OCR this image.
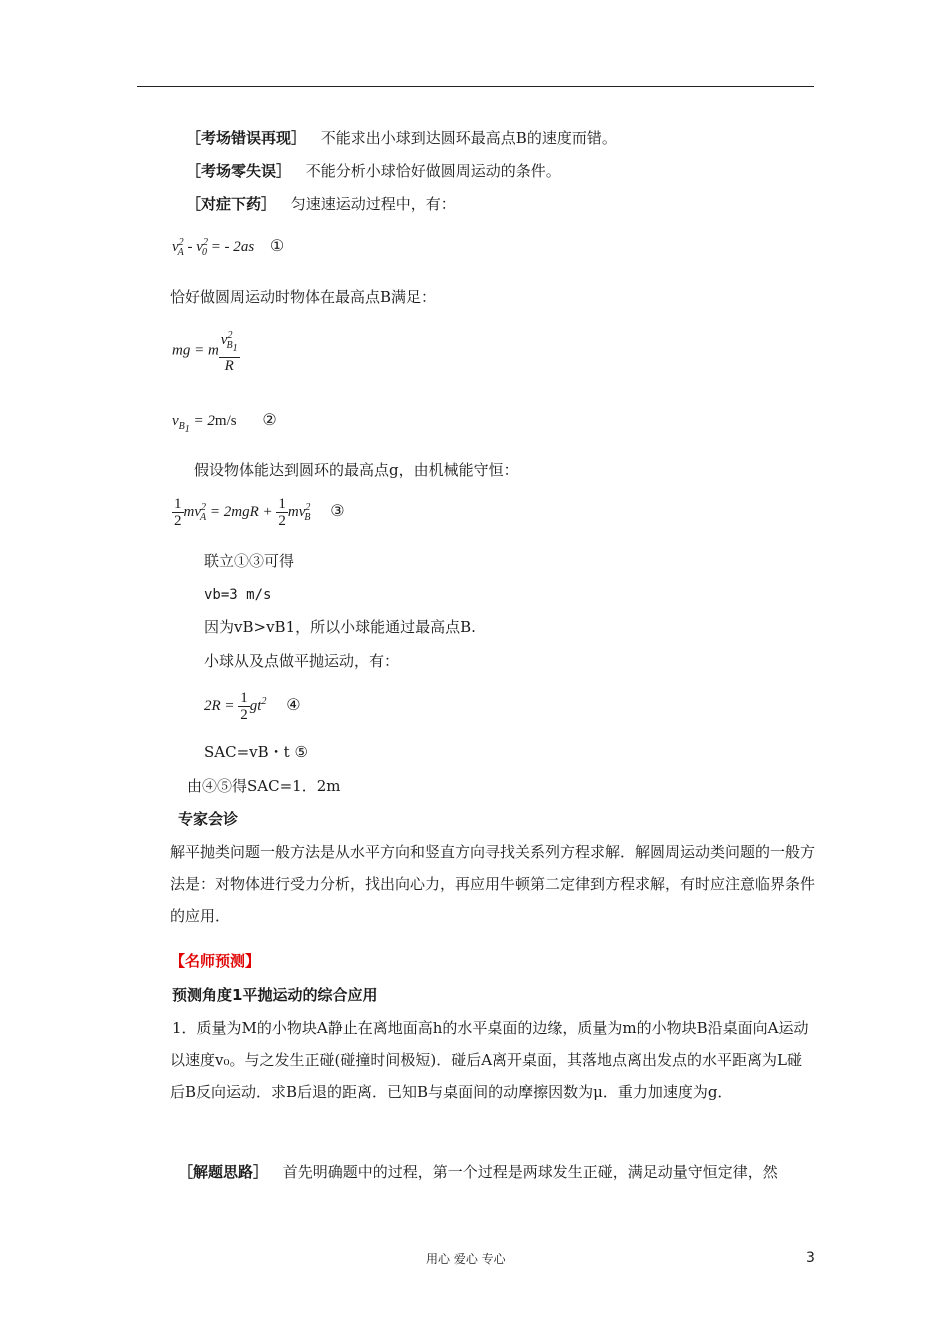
［考场错误再现］ 不能求出小球到达圆环最高点B的速度而错。
［考场零失误］ 不能分析小球恰好做圆周运动的条件。
［对症下药］ 匀速速运动过程中，有：
$v^2_A - v^2_0$ = - 2as ①
恰好做圆周运动时物体在最高点B满足：
mg = m $\frac{v^2_{B_1}}{R}$
$v_{B_1} = 2m/s$ ②
假设物体能达到圆环的最高点g，由机械能守恒：
$\frac{1}{2} mv^2_A = 2mgR + \frac{1}{2} mv^2_B$ ③
联立①③可得
vb=3 m/s
因为vB>vB1，所以小球能通过最高点B.
小球从及点做平抛运动，有：
$2R = \frac{1}{2} gt^2$ ④
SAC=vB・t ⑤
由④⑤得SAC=1．2m
专家会诊
解平抛类问题一般方法是从水平方向和竖直方向寻找关系列方程求解．解圆周运动类问题的一般方法是：对物体进行受力分析，找出向心力，再应用牛顿第二定律到方程求解，有时应注意临界条件的应用．
【名师预测】
预测角度1平抛运动的综合应用
1．质量为M的小物块A静止在离地面高h的水平桌面的边缘，质量为m的小物块B沿桌面向A运动以速度v₀。与之发生正碰(碰撞时间极短)．碰后A离开桌面，其落地点离出发点的水平距离为L碰后B反向运动．求B后退的距离．已知B与桌面间的动摩擦因数为μ．重力加速度为g．
［解题思路］ 首先明确题中的过程，第一个过程是两球发生正碰，满足动量守恒定律，然
用心 爱心 专心	3
